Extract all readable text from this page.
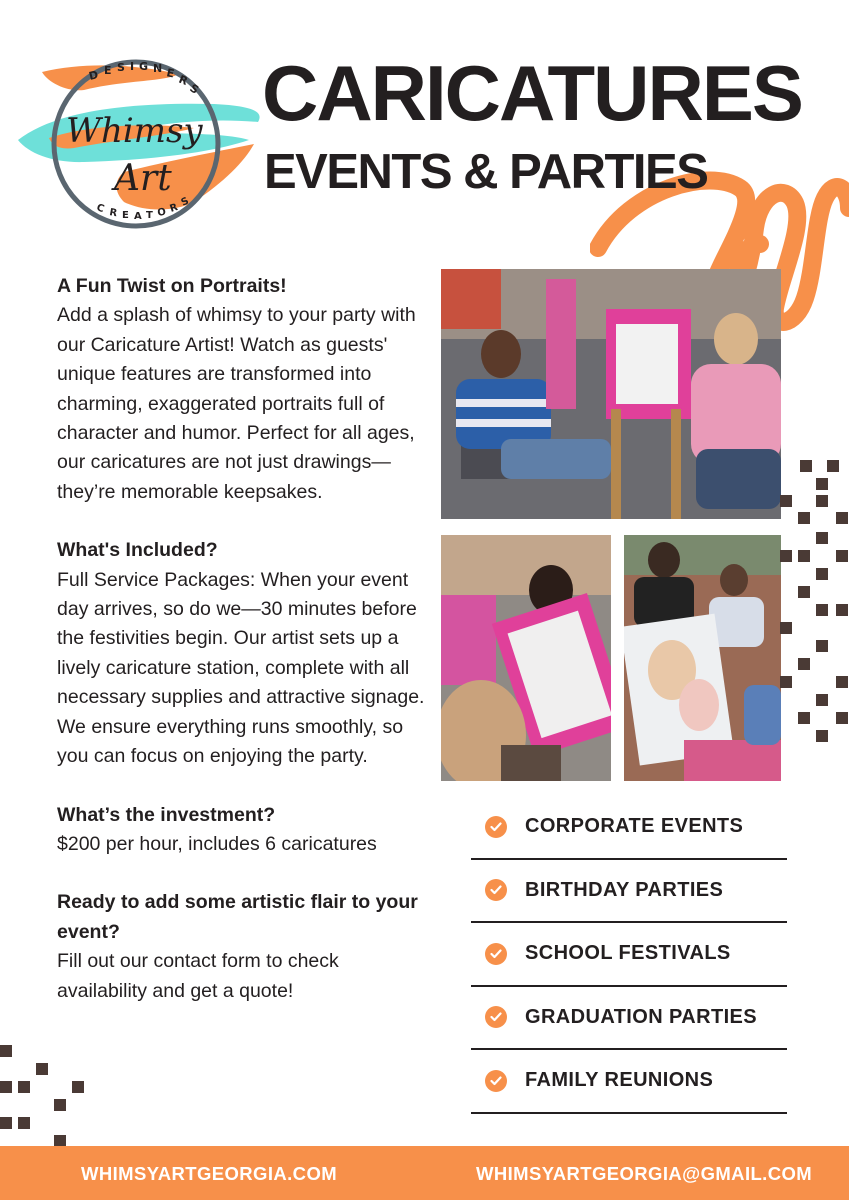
D E S I G N E R
S
C R E A T O R S
Whimsy
Art
CARICATURES
EVENTS & PARTIES
A Fun Twist on Portraits!

Add a splash of whimsy to your party with our Caricature Artist! Watch as guests' unique features are transformed into charming, exaggerated portraits full of character and humor. Perfect for all ages, our caricatures are not just drawings—they’re memorable keepsakes.

What's Included?

Full Service Packages: When your event day arrives, so do we—30 minutes before the festivities begin. Our artist sets up a lively caricature station, complete with all necessary supplies and attractive signage. We ensure everything runs smoothly, so you can focus on enjoying the party.

What’s the investment?

$200 per hour, includes 6 caricatures

Ready to add some artistic flair to your event?

Fill out our contact form to check availability and get a quote!

CORPORATE EVENTS
BIRTHDAY PARTIES
SCHOOL FESTIVALS
GRADUATION PARTIES
FAMILY REUNIONS
WHIMSYARTGEORGIA.COM	WHIMSYARTGEORGIA@GMAIL.COM
